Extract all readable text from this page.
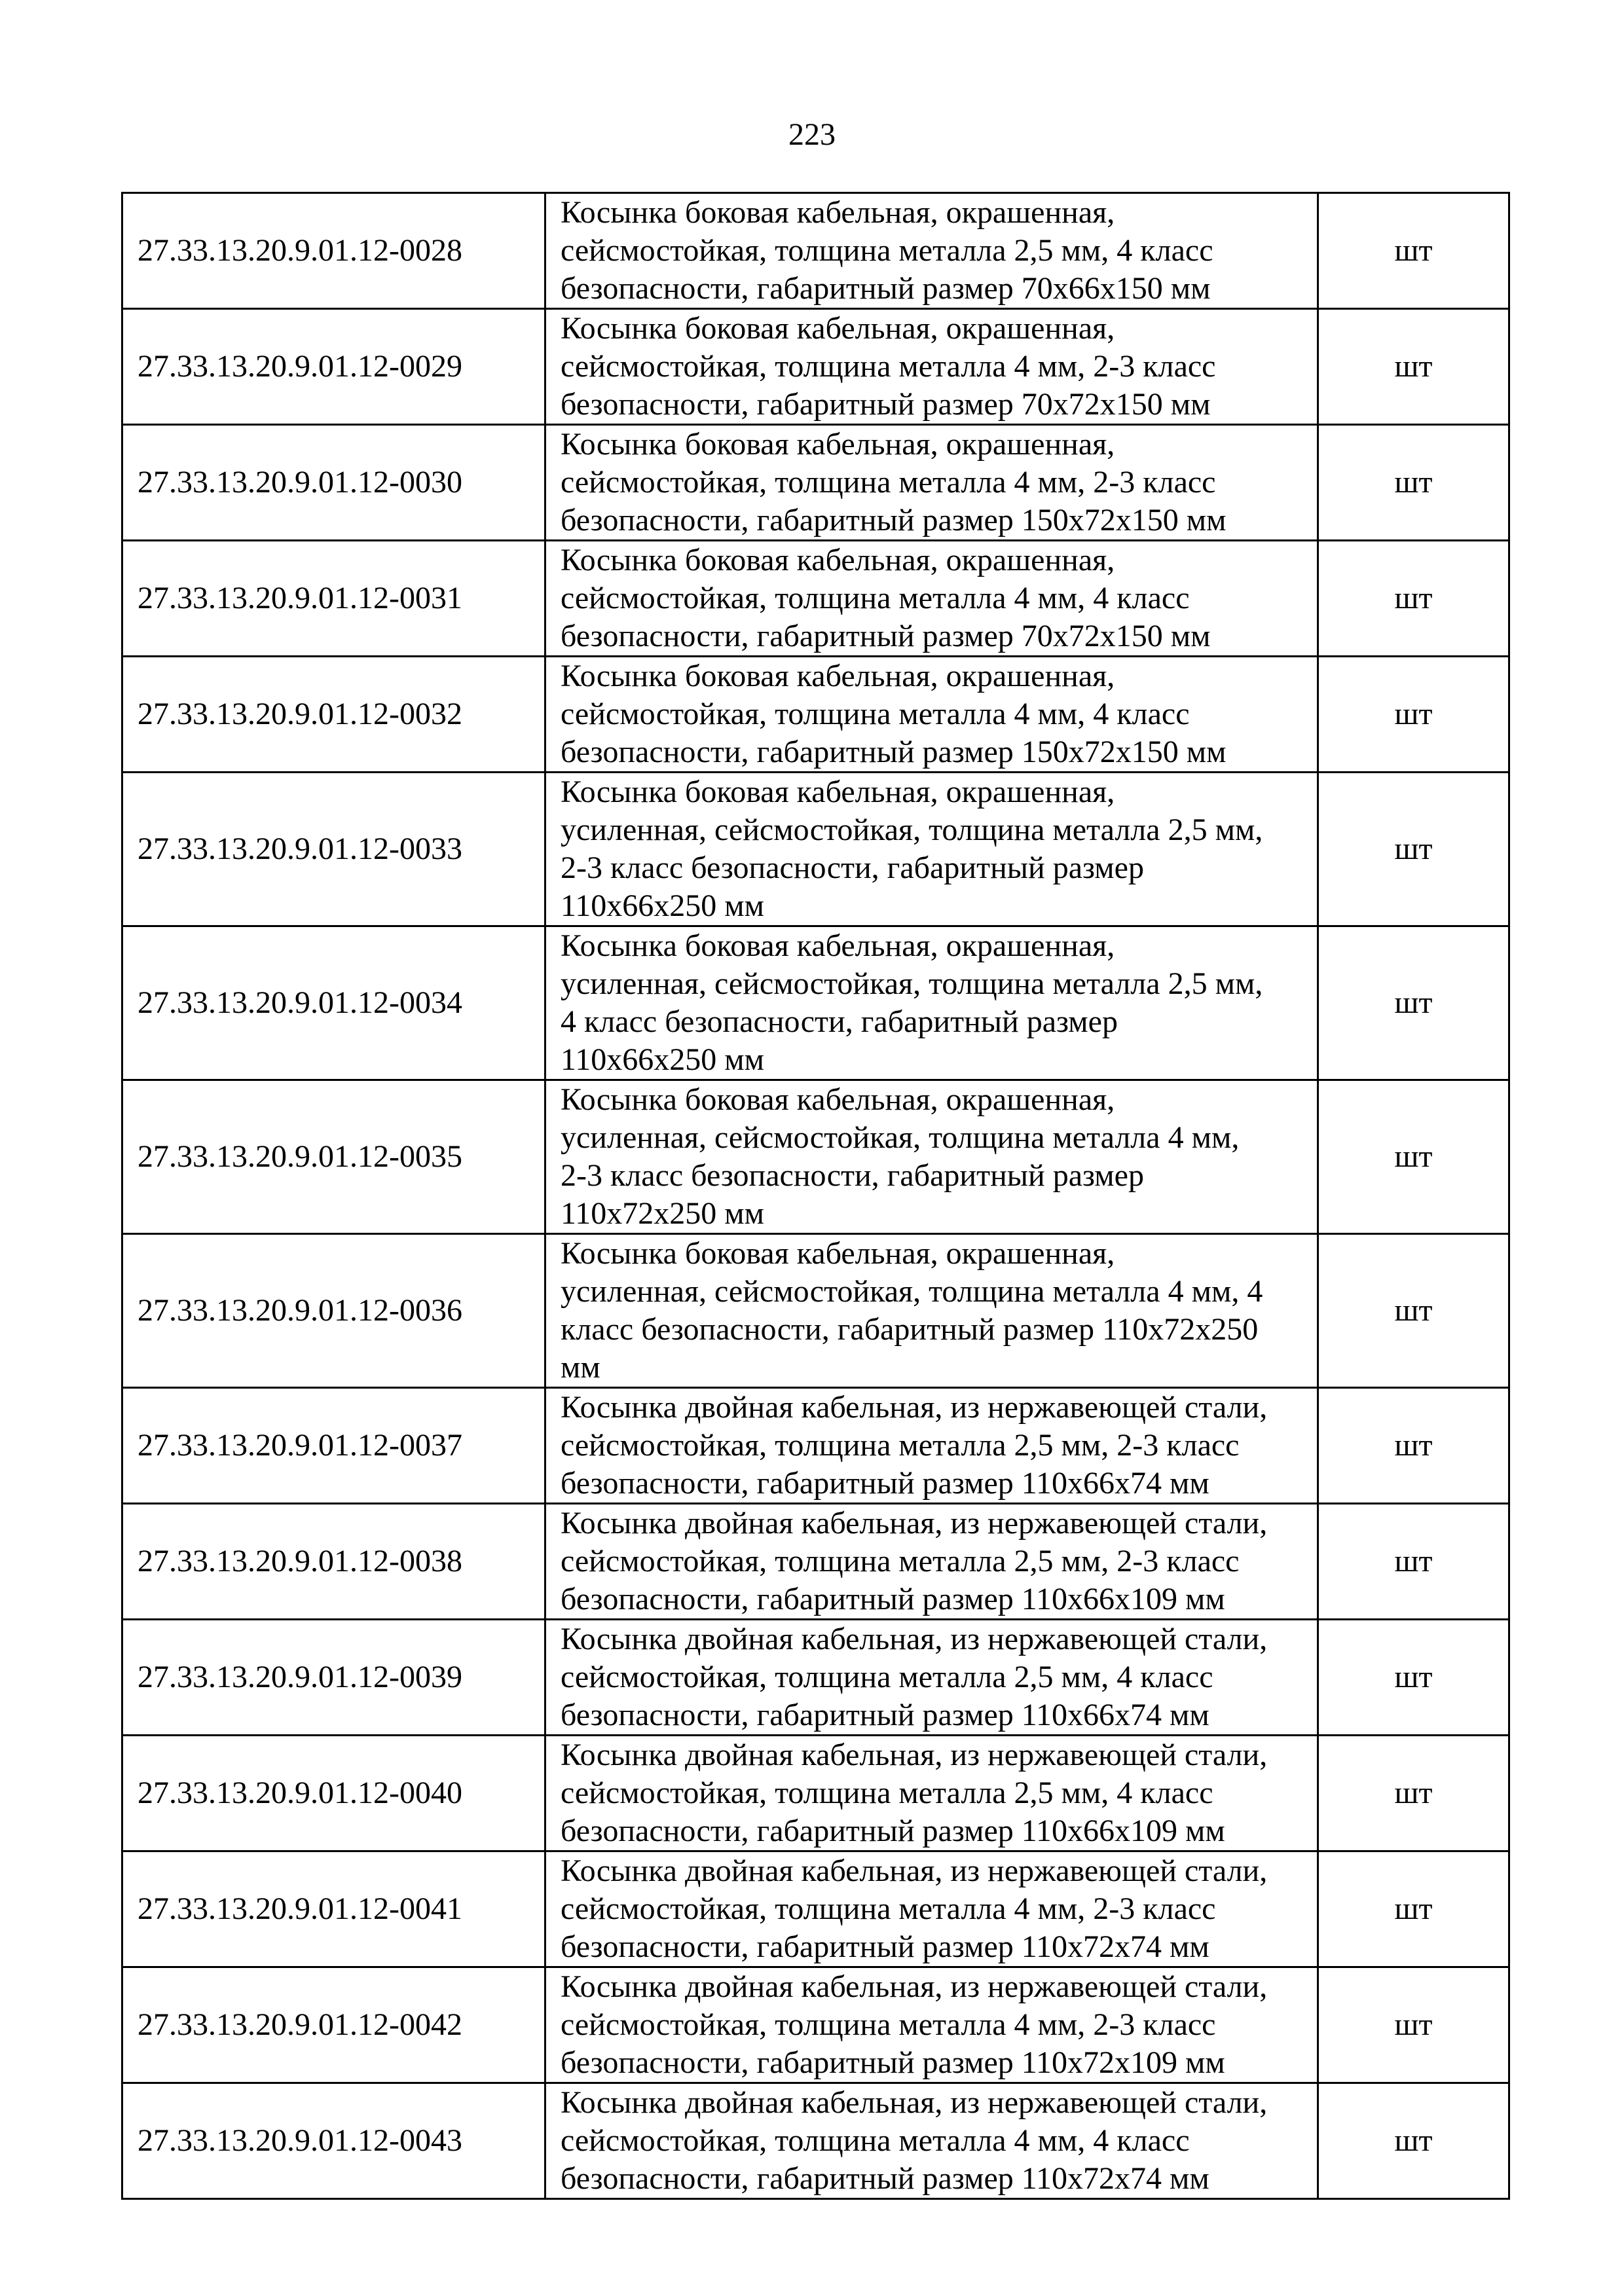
223
27.33.13.20.9.01.12-0028	Косынка боковая кабельная, окрашенная,
сейсмостойкая, толщина металла 2,5 мм, 4 класс
безопасности, габаритный размер 70х66х150 мм	шт
27.33.13.20.9.01.12-0029	Косынка боковая кабельная, окрашенная,
сейсмостойкая, толщина металла 4 мм, 2-3 класс
безопасности, габаритный размер 70х72х150 мм	шт
27.33.13.20.9.01.12-0030	Косынка боковая кабельная, окрашенная,
сейсмостойкая, толщина металла 4 мм, 2-3 класс
безопасности, габаритный размер 150х72х150 мм	шт
27.33.13.20.9.01.12-0031	Косынка боковая кабельная, окрашенная,
сейсмостойкая, толщина металла 4 мм, 4 класс
безопасности, габаритный размер 70х72х150 мм	шт
27.33.13.20.9.01.12-0032	Косынка боковая кабельная, окрашенная,
сейсмостойкая, толщина металла 4 мм, 4 класс
безопасности, габаритный размер 150х72х150 мм	шт
27.33.13.20.9.01.12-0033	Косынка боковая кабельная, окрашенная,
усиленная, сейсмостойкая, толщина металла 2,5 мм,
2-3 класс безопасности, габаритный размер
110х66х250 мм	шт
27.33.13.20.9.01.12-0034	Косынка боковая кабельная, окрашенная,
усиленная, сейсмостойкая, толщина металла 2,5 мм,
4 класс безопасности, габаритный размер
110х66х250 мм	шт
27.33.13.20.9.01.12-0035	Косынка боковая кабельная, окрашенная,
усиленная, сейсмостойкая, толщина металла 4 мм,
2-3 класс безопасности, габаритный размер
110х72х250 мм	шт
27.33.13.20.9.01.12-0036	Косынка боковая кабельная, окрашенная,
усиленная, сейсмостойкая, толщина металла 4 мм, 4
класс безопасности, габаритный размер 110х72х250
мм	шт
27.33.13.20.9.01.12-0037	Косынка двойная кабельная, из нержавеющей стали,
сейсмостойкая, толщина металла 2,5 мм, 2-3 класс
безопасности, габаритный размер 110х66х74 мм	шт
27.33.13.20.9.01.12-0038	Косынка двойная кабельная, из нержавеющей стали,
сейсмостойкая, толщина металла 2,5 мм, 2-3 класс
безопасности, габаритный размер 110х66х109 мм	шт
27.33.13.20.9.01.12-0039	Косынка двойная кабельная, из нержавеющей стали,
сейсмостойкая, толщина металла 2,5 мм, 4 класс
безопасности, габаритный размер 110х66х74 мм	шт
27.33.13.20.9.01.12-0040	Косынка двойная кабельная, из нержавеющей стали,
сейсмостойкая, толщина металла 2,5 мм, 4 класс
безопасности, габаритный размер 110х66х109 мм	шт
27.33.13.20.9.01.12-0041	Косынка двойная кабельная, из нержавеющей стали,
сейсмостойкая, толщина металла 4 мм, 2-3 класс
безопасности, габаритный размер 110х72х74 мм	шт
27.33.13.20.9.01.12-0042	Косынка двойная кабельная, из нержавеющей стали,
сейсмостойкая, толщина металла 4 мм, 2-3 класс
безопасности, габаритный размер 110х72х109 мм	шт
27.33.13.20.9.01.12-0043	Косынка двойная кабельная, из нержавеющей стали,
сейсмостойкая, толщина металла 4 мм, 4 класс
безопасности, габаритный размер 110х72х74 мм	шт
